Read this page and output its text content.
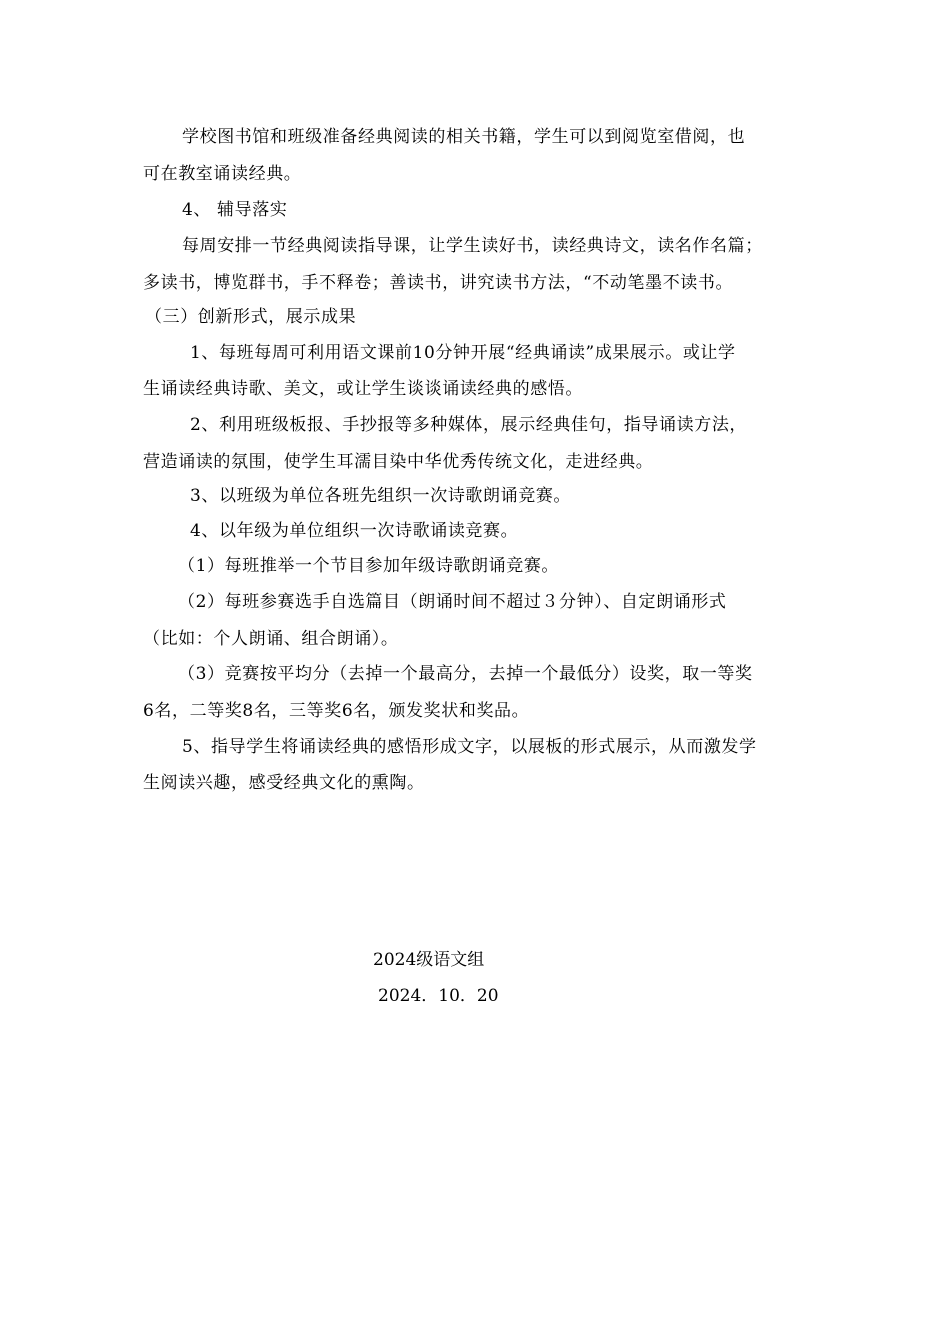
学校图书馆和班级准备经典阅读的相关书籍，学生可以到阅览室借阅，也
可在教室诵读经典。
4、 辅导落实
每周安排一节经典阅读指导课，让学生读好书，读经典诗文，读名作名篇；
多读书，博览群书，手不释卷；善读书，讲究读书方法，“不动笔墨不读书。
（三）创新形式，展示成果
1、每班每周可利用语文课前10分钟开展“经典诵读”成果展示。或让学
生诵读经典诗歌、美文，或让学生谈谈诵读经典的感悟。
2、利用班级板报、手抄报等多种媒体，展示经典佳句，指导诵读方法，
营造诵读的氛围，使学生耳濡目染中华优秀传统文化，走进经典。
3、以班级为单位各班先组织一次诗歌朗诵竞赛。
4、以年级为单位组织一次诗歌诵读竞赛。
（1）每班推举一个节目参加年级诗歌朗诵竞赛。
（2）每班参赛选手自选篇目（朗诵时间不超过３分钟）、自定朗诵形式
（比如：个人朗诵、组合朗诵）。
（3）竞赛按平均分（去掉一个最高分，去掉一个最低分）设奖，取一等奖
6名，二等奖8名，三等奖6名，颁发奖状和奖品。
5、指导学生将诵读经典的感悟形成文字，以展板的形式展示，从而激发学
生阅读兴趣，感受经典文化的熏陶。
2024级语文组
2024．10．20
